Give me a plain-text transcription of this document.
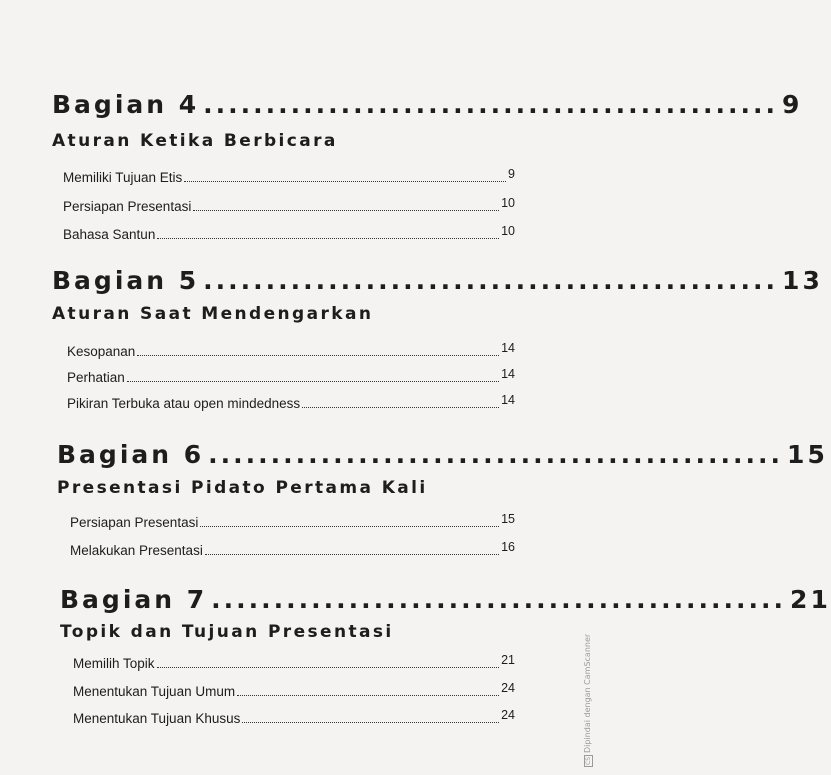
Bagian 4 .............................................. 9
Aturan Ketika Berbicara
Memiliki Tujuan Etis	9
Persiapan Presentasi	10
Bahasa Santun	10
Bagian 5 .............................................. 13
Aturan Saat Mendengarkan
Kesopanan	14
Perhatian	14
Pikiran Terbuka atau open mindedness	14
Bagian 6 .............................................. 15
Presentasi Pidato Pertama Kali
Persiapan Presentasi	15
Melakukan Presentasi	16
Bagian 7 .............................................. 21
Topik dan Tujuan Presentasi
Memilih Topik	21
Menentukan Tujuan Umum	24
Menentukan Tujuan Khusus	24
CSDipindai dengan CamScanner
